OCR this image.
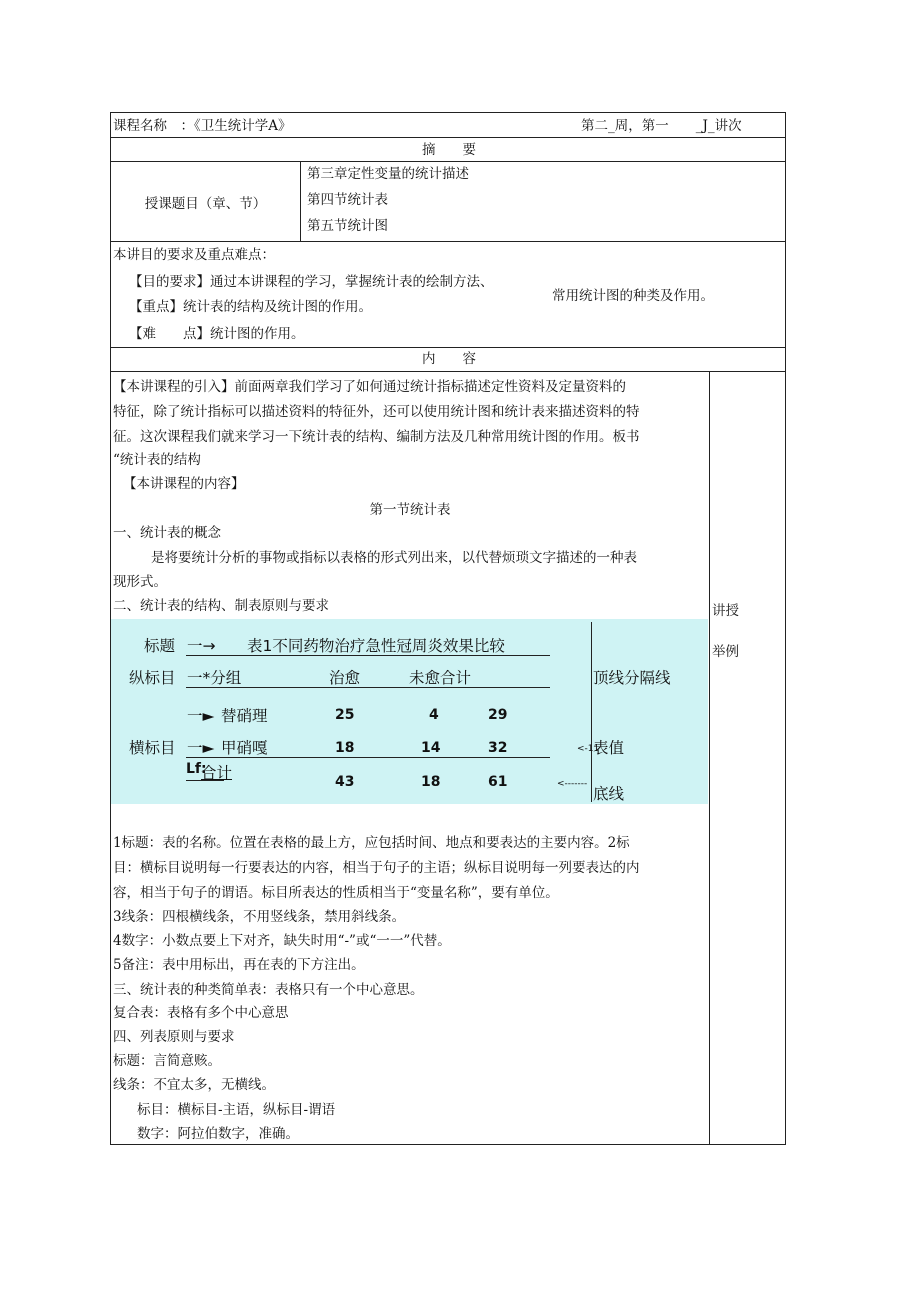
课程名称　：《卫生统计学A》	第二_周，第一　　_J_讲次
摘　　要
授课题目（章、节）
第三章定性变量的统计描述
第四节统计表
第五节统计图
本讲目的要求及重点难点：
【目的要求】通过本讲课程的学习，掌握统计表的绘制方法、
常用统计图的种类及作用。
【重点】统计表的结构及统计图的作用。
【难　　点】统计图的作用。
内　　容
讲授
举例
【本讲课程的引入】前面两章我们学习了如何通过统计指标描述定性资料及定量资料的
特征，除了统计指标可以描述资料的特征外，还可以使用统计图和统计表来描述资料的特
征。这次课程我们就来学习一下统计表的结构、编制方法及几种常用统计图的作用。板书
“统计表的结构
【本讲课程的内容】
第一节统计表
一、统计表的概念
是将要统计分析的事物或指标以表格的形式列出来，以代替烦琐文字描述的一种表
现形式。
二、统计表的结构、制表原则与要求
标题 一→ 表1不同药物治疗急性冠周炎效果比较
纵标目 一*分组	治愈	未愈合计
一► 替硝理	25	4	29
横标目 一► 甲硝嘎	18	14	32
Lf:
合计	43	18	61
顶线分隔线
<-11
表值
<-------
底线
1标题：表的名称。位置在表格的最上方，应包括时间、地点和要表达的主要内容。2标
目：横标目说明每一行要表达的内容，相当于句子的主语；纵标目说明每一列要表达的内
容，相当于句子的谓语。标目所表达的性质相当于“变量名称”，要有单位。
3线条：四根横线条，不用竖线条，禁用斜线条。
4数字：小数点要上下对齐，缺失时用“-”或“一一”代替。
5备注：表中用标出，再在表的下方注出。
三、统计表的种类简单表：表格只有一个中心意思。
复合表：表格有多个中心意思
四、列表原则与要求
标题：言简意赅。
线条：不宜太多，无横线。
标目：横标目-主语，纵标目-谓语
数字：阿拉伯数字，准确。
